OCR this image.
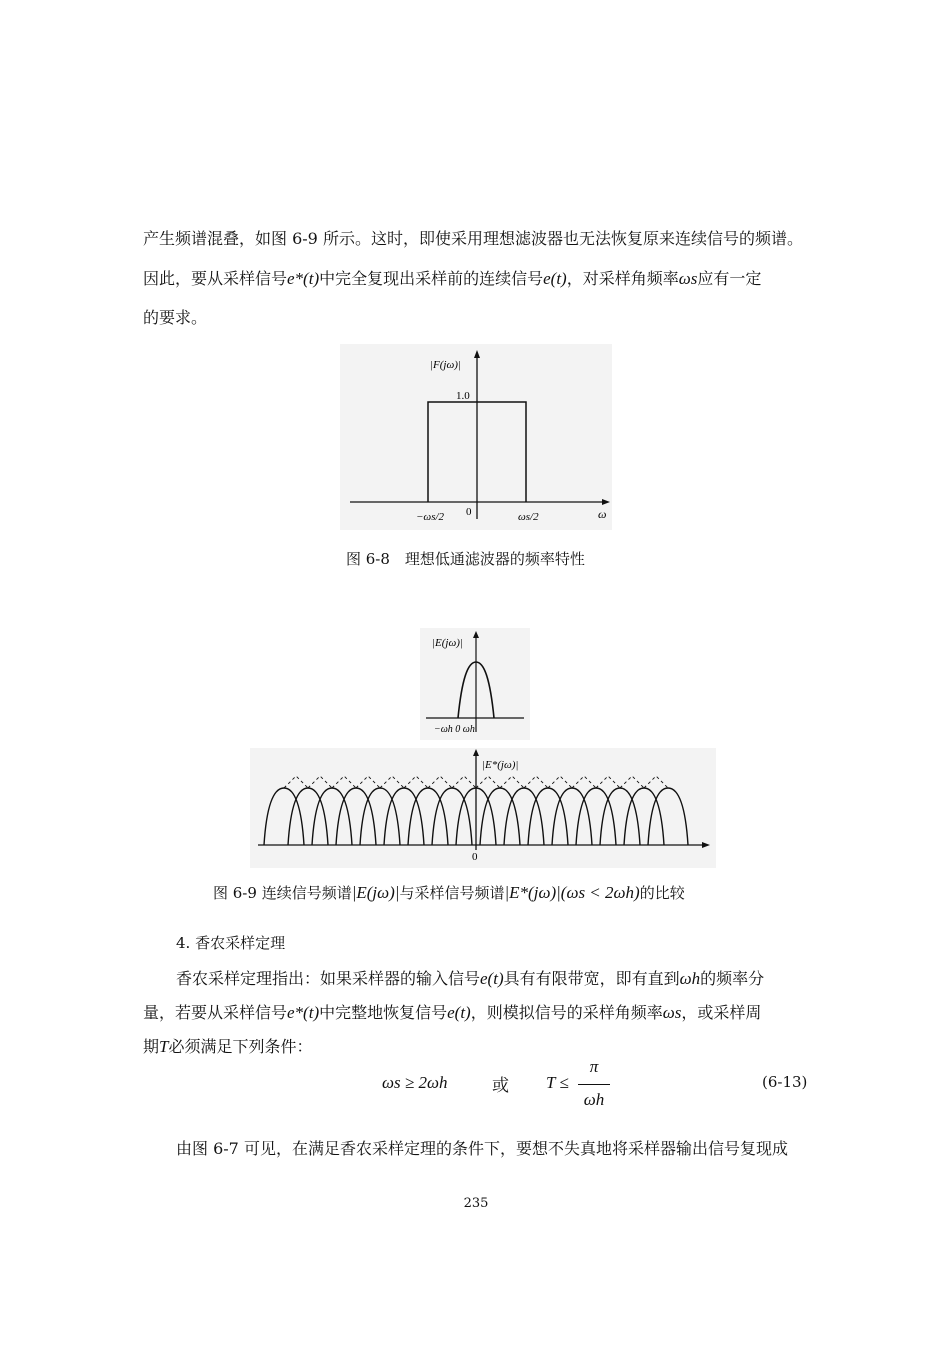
产生频谱混叠，如图 6-9 所示。这时，即使采用理想滤波器也无法恢复原来连续信号的频谱。
因此，要从采样信号e*(t)中完全复现出采样前的连续信号e(t)，对采样角频率ωs应有一定
的要求。
|F(jω)|
1.0
−ωs/2 0	ωs/2	ω
图 6-8　理想低通滤波器的频率特性
|E(jω)|
−ωh 0 ωh
|E*(jω)|
0
图 6-9 连续信号频谱|E(jω)|与采样信号频谱|E*(jω)|(ωs < 2ωh)的比较
4. 香农采样定理
香农采样定理指出：如果采样器的输入信号e(t)具有有限带宽，即有直到ωh的频率分
量，若要从采样信号e*(t)中完整地恢复信号e(t)，则模拟信号的采样角频率ωs，或采样周
期T必须满足下列条件：
ωs ≥ 2ωh	或 T ≤
π
ωh
(6-13)
由图 6-7 可见，在满足香农采样定理的条件下，要想不失真地将采样器输出信号复现成
235
